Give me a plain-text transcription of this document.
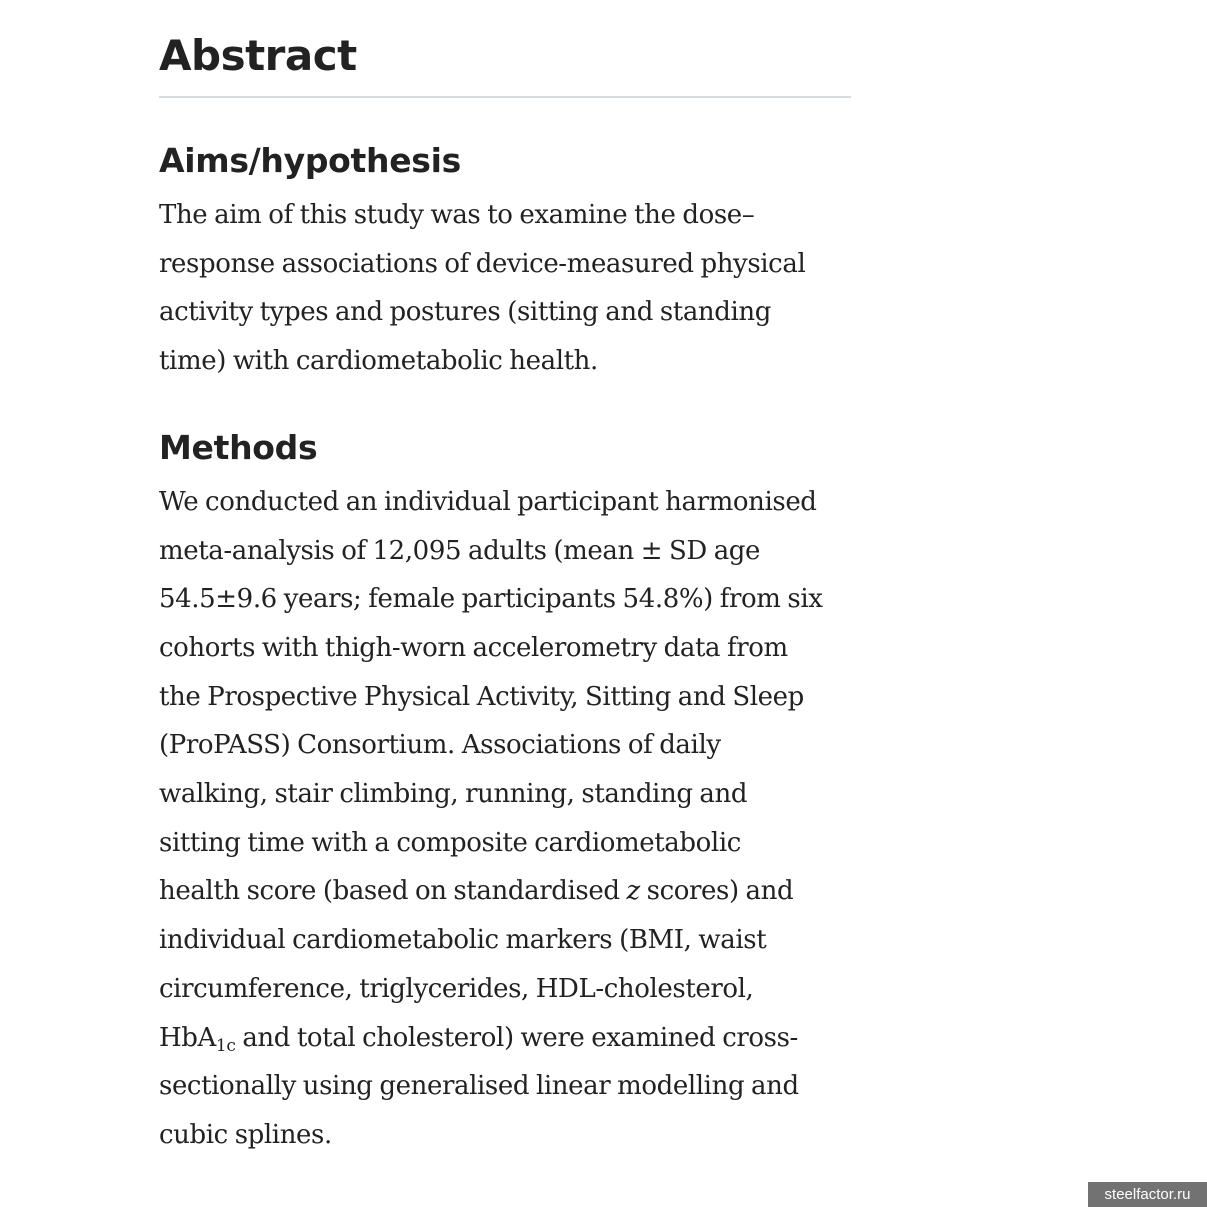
Abstract
Aims/hypothesis

The aim of this study was to examine the dose–
response associations of device-measured physical
activity types and postures (sitting and standing
time) with cardiometabolic health.

Methods

We conducted an individual participant harmonised
meta-analysis of 12,095 adults (mean ± SD age
54.5±9.6 years; female participants 54.8%) from six
cohorts with thigh-worn accelerometry data from
the Prospective Physical Activity, Sitting and Sleep
(ProPASS) Consortium. Associations of daily
walking, stair climbing, running, standing and
sitting time with a composite cardiometabolic
health score (based on standardised z scores) and
individual cardiometabolic markers (BMI, waist
circumference, triglycerides, HDL-cholesterol,
HbA$_{1c}$ and total cholesterol) were examined cross-
sectionally using generalised linear modelling and
cubic splines.

steelfactor.ru
